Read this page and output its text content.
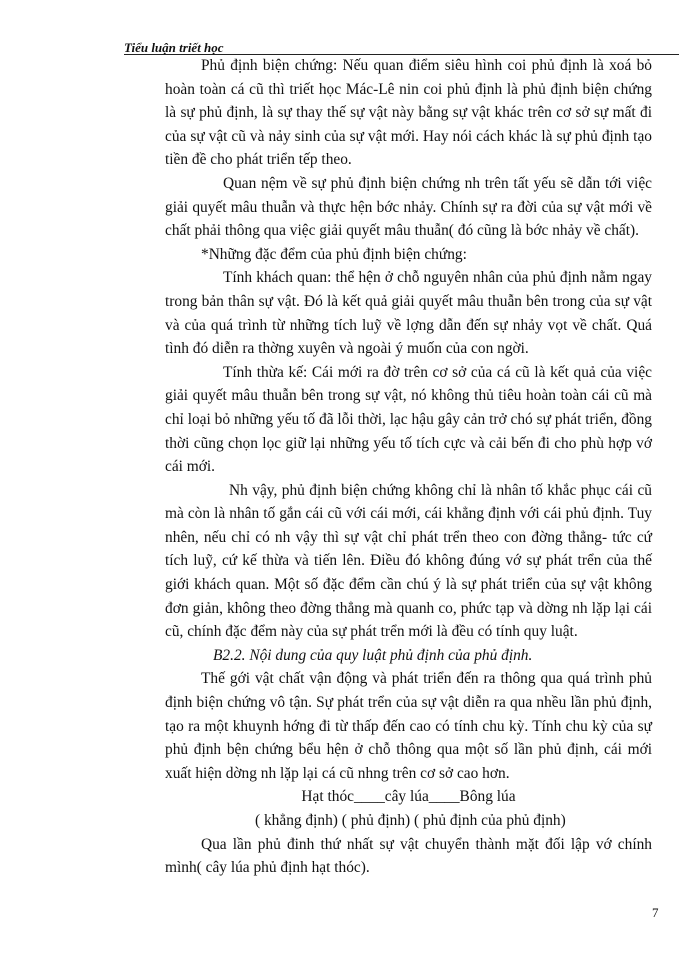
Tiểu luận triết học

Phủ định biện chứng: Nếu quan điểm siêu hình coi phủ định là xoá bỏ hoàn toàn cá cũ thì triết học Mác-Lê nin coi phủ định là phủ định biện chứng là sự phủ định, là sự thay thế sự vật này bằng sự vật khác trên cơ sở sự mất đi của sự vật cũ và nảy sinh của sự vật mới. Hay nói cách khác là sự phủ định tạo tiền đề cho phát triển tếp theo.

Quan nệm về sự phủ định biện chứng nh trên tất yếu sẽ dẫn tới việc giải quyết mâu thuẫn và thực hện bớc nhảy. Chính sự ra đời của sự vật mới về chất phải thông qua việc giải quyết mâu thuẫn( đó cũng là bớc nhảy về chất).

*Những đặc đểm của phủ định biện chứng:

Tính khách quan: thể hện ở chỗ nguyên nhân của phủ định nằm ngay trong bản thân sự vật. Đó là kết quả giải quyết mâu thuẫn bên trong của sự vật và của quá trình từ những tích luỹ về lợng dẫn đến sự nhảy vọt về chất. Quá tình đó diễn ra thờng xuyên và ngoài ý muốn của con ngời.

Tính thừa kế: Cái mới ra đờ trên cơ sở của cá cũ là kết quả của việc giải quyết mâu thuẫn bên trong sự vật, nó không thủ tiêu hoàn toàn cái cũ mà chỉ loại bỏ những yếu tố đã lỗi thời, lạc hậu gây cản trở chó sự phát triển, đồng thời cũng chọn lọc giữ lại những yếu tố tích cực và cải bến đi cho phù hợp vớ cái mới.

Nh vậy, phủ định biện chứng không chỉ là nhân tố khắc phục cái cũ mà còn là nhân tố gắn cái cũ với cái mới, cái khẳng định với cái phủ định. Tuy nhên, nếu chỉ có nh vậy thì sự vật chỉ phát trển theo con đờng thẳng- tức cứ tích luỹ, cứ kế thừa và tiến lên. Điều đó không đúng vớ sự phát trển của thế giới khách quan. Một số đặc đểm cần chú ý là sự phát triển của sự vật không đơn giản, không theo đờng thẳng mà quanh co, phức tạp và dờng nh lặp lại cái cũ, chính đặc đểm này của sự phát trển mới là đều có tính quy luật.

B2.2. Nội dung của quy luật phủ định của phủ định.

Thế gới vật chất vận động và phát triển đến ra thông qua quá trình phủ định biện chứng vô tận. Sự phát trển của sự vật diễn ra qua nhều lần phủ định, tạo ra một khuynh hớng đi từ thấp đến cao có tính chu kỳ. Tính chu kỳ của sự phủ định bện chứng bểu hện ở chỗ thông qua một số lần phủ định, cái mới xuất hiện dờng nh lặp lại cá cũ nhng trên cơ sở cao hơn.

Hạt thóc____cây lúa____Bông lúa

( khẳng định) ( phủ định) ( phủ định của phủ định)

Qua lần phủ đinh thứ nhất sự vật chuyển thành mặt đối lập vớ chính mình( cây lúa phủ định hạt thóc).

7
